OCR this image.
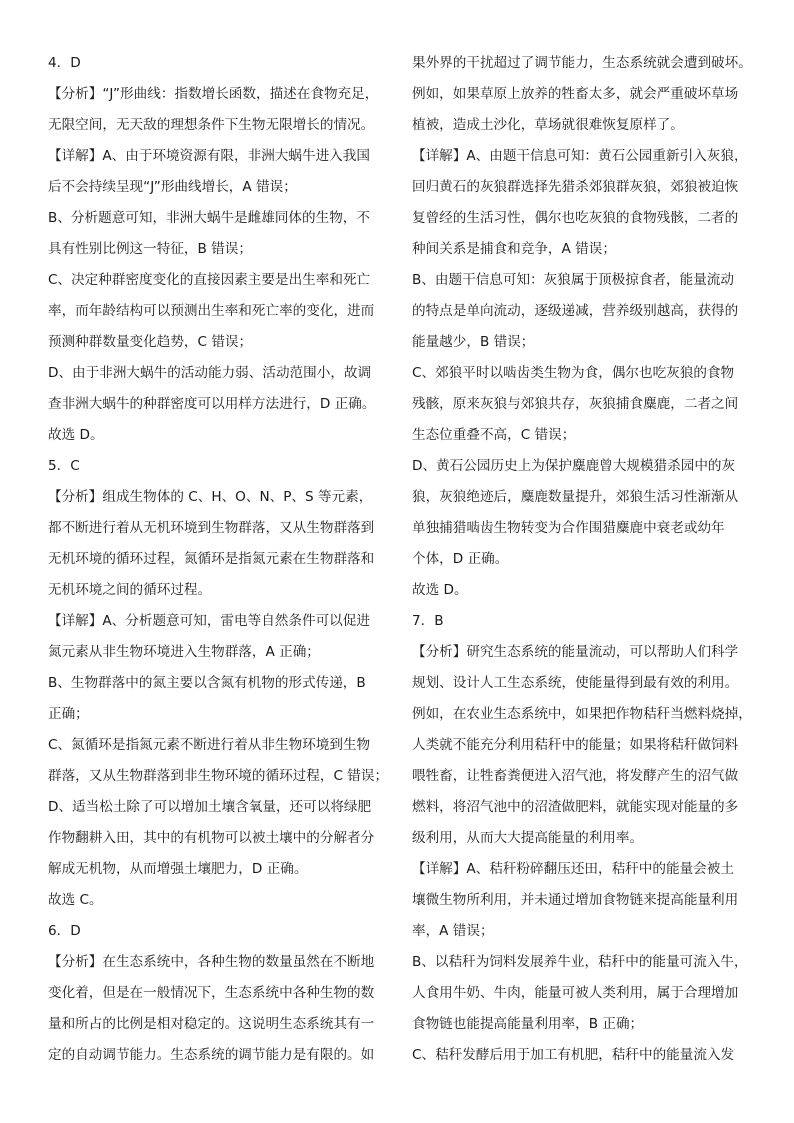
4．D
【分析】“J”形曲线：指数增长函数，描述在食物充足，
无限空间，无天敌的理想条件下生物无限增长的情况。
【详解】A、由于环境资源有限，非洲大蜗牛进入我国
后不会持续呈现“J”形曲线增长，A 错误；
B、分析题意可知，非洲大蜗牛是雌雄同体的生物，不
具有性别比例这一特征，B 错误；
C、决定种群密度变化的直接因素主要是出生率和死亡
率，而年龄结构可以预测出生率和死亡率的变化，进而
预测种群数量变化趋势，C 错误；
D、由于非洲大蜗牛的活动能力弱、活动范围小，故调
查非洲大蜗牛的种群密度可以用样方法进行，D 正确。
故选 D。
5．C
【分析】组成生物体的 C、H、O、N、P、S 等元素，
都不断进行着从无机环境到生物群落，又从生物群落到
无机环境的循环过程，氮循环是指氮元素在生物群落和
无机环境之间的循环过程。
【详解】A、分析题意可知，雷电等自然条件可以促进
氮元素从非生物环境进入生物群落，A 正确；
B、生物群落中的氮主要以含氮有机物的形式传递，B
正确；
C、氮循环是指氮元素不断进行着从非生物环境到生物
群落，又从生物群落到非生物环境的循环过程，C 错误；
D、适当松土除了可以增加土壤含氧量，还可以将绿肥
作物翻耕入田，其中的有机物可以被土壤中的分解者分
解成无机物，从而增强土壤肥力，D 正确。
故选 C。
6．D
【分析】在生态系统中，各种生物的数量虽然在不断地
变化着，但是在一般情况下，生态系统中各种生物的数
量和所占的比例是相对稳定的。这说明生态系统其有一
定的自动调节能力。生态系统的调节能力是有限的。如
果外界的干扰超过了调节能力，生态系统就会遭到破坏。
例如，如果草原上放养的牲畜太多，就会严重破坏草场
植被，造成土沙化，草场就很难恢复原样了。
【详解】A、由题干信息可知：黄石公园重新引入灰狼，
回归黄石的灰狼群选择先猎杀郊狼群灰狼，郊狼被迫恢
复曾经的生活习性，偶尔也吃灰狼的食物残骸，二者的
种间关系是捕食和竞争，A 错误；
B、由题干信息可知：灰狼属于顶极掠食者，能量流动
的特点是单向流动，逐级递减，营养级别越高，获得的
能量越少，B 错误；
C、郊狼平时以啮齿类生物为食，偶尔也吃灰狼的食物
残骸，原来灰狼与郊狼共存，灰狼捕食麋鹿，二者之间
生态位重叠不高，C 错误；
D、黄石公园历史上为保护麋鹿曾大规模猎杀园中的灰
狼，灰狼绝迹后，麋鹿数量提升，郊狼生活习性渐渐从
单独捕猎啮齿生物转变为合作围猎麋鹿中衰老或幼年
个体，D 正确。
故选 D。
7．B
【分析】研究生态系统的能量流动，可以帮助人们科学
规划、设计人工生态系统，使能量得到最有效的利用。
例如，在农业生态系统中，如果把作物秸秆当燃料烧掉，
人类就不能充分利用秸秆中的能量；如果将秸秆做饲料
喂牲畜，让牲畜粪便进入沼气池，将发酵产生的沼气做
燃料，将沼气池中的沼渣做肥料，就能实现对能量的多
级利用，从而大大提高能量的利用率。
【详解】A、秸秆粉碎翻压还田，秸秆中的能量会被土
壤微生物所利用，并未通过增加食物链来提高能量利用
率，A 错误；
B、以秸秆为饲料发展养牛业，秸秆中的能量可流入牛，
人食用牛奶、牛肉，能量可被人类利用，属于合理增加
食物链也能提高能量利用率，B 正确；
C、秸秆发酵后用于加工有机肥，秸秆中的能量流入发
